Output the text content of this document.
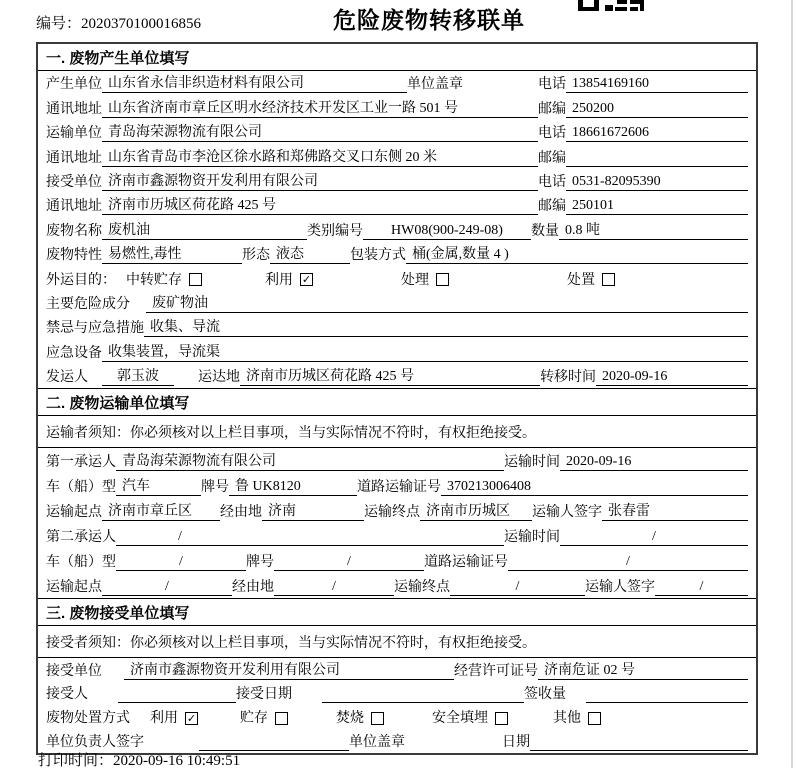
编号：2020370100016856	危险废物转移联单
一. 废物产生单位填写
产生单位 山东省永信非织造材料有限公司	单位盖章	电话 13854169160
通讯地址 山东省济南市章丘区明水经济技术开发区工业一路 501 号	邮编 250200
运输单位 青岛海荣源物流有限公司	电话 18661672606
通讯地址 山东省青岛市李沧区徐水路和郑佛路交叉口东侧 20 米	邮编
接受单位 济南市鑫源物资开发利用有限公司	电话 0531-82095390
通讯地址 济南市历城区荷花路 425 号	邮编 250101
废物名称 废机油	类别编号	HW08(900-249-08)	数量 0.8 吨
废物特性 易燃性,毒性	形态 液态	包装方式 桶(金属,数量 4 )
外运目的： 中转贮存	利用 ✓	处理	处置
主要危险成分	废矿物油
禁忌与应急措施 收集、导流
应急设备 收集装置，导流渠
发运人	郭玉波	运达地 济南市历城区荷花路 425 号	转移时间 2020-09-16
二. 废物运输单位填写
运输者须知：你必须核对以上栏目事项，当与实际情况不符时，有权拒绝接受。
第一承运人 青岛海荣源物流有限公司	运输时间 2020-09-16
车（船）型 汽车	牌号 鲁 UK8120	道路运输证号 370213006408
运输起点 济南市章丘区	经由地 济南	运输终点 济南市历城区	运输人签字 张春雷
第二承运人	/	运输时间	/
车（船）型	/	牌号	/	道路运输证号	/
运输起点	/	经由地	/	运输终点	/	运输人签字	/
三. 废物接受单位填写
接受者须知：你必须核对以上栏目事项，当与实际情况不符时，有权拒绝接受。
接受单位	济南市鑫源物资开发利用有限公司	经营许可证号 济南危证 02 号
接受人	接受日期	签收量
废物处置方式 利用 ✓	贮存	焚烧	安全填埋	其他
单位负责人签字	单位盖章	日期
打印时间：2020-09-16 10:49:51
